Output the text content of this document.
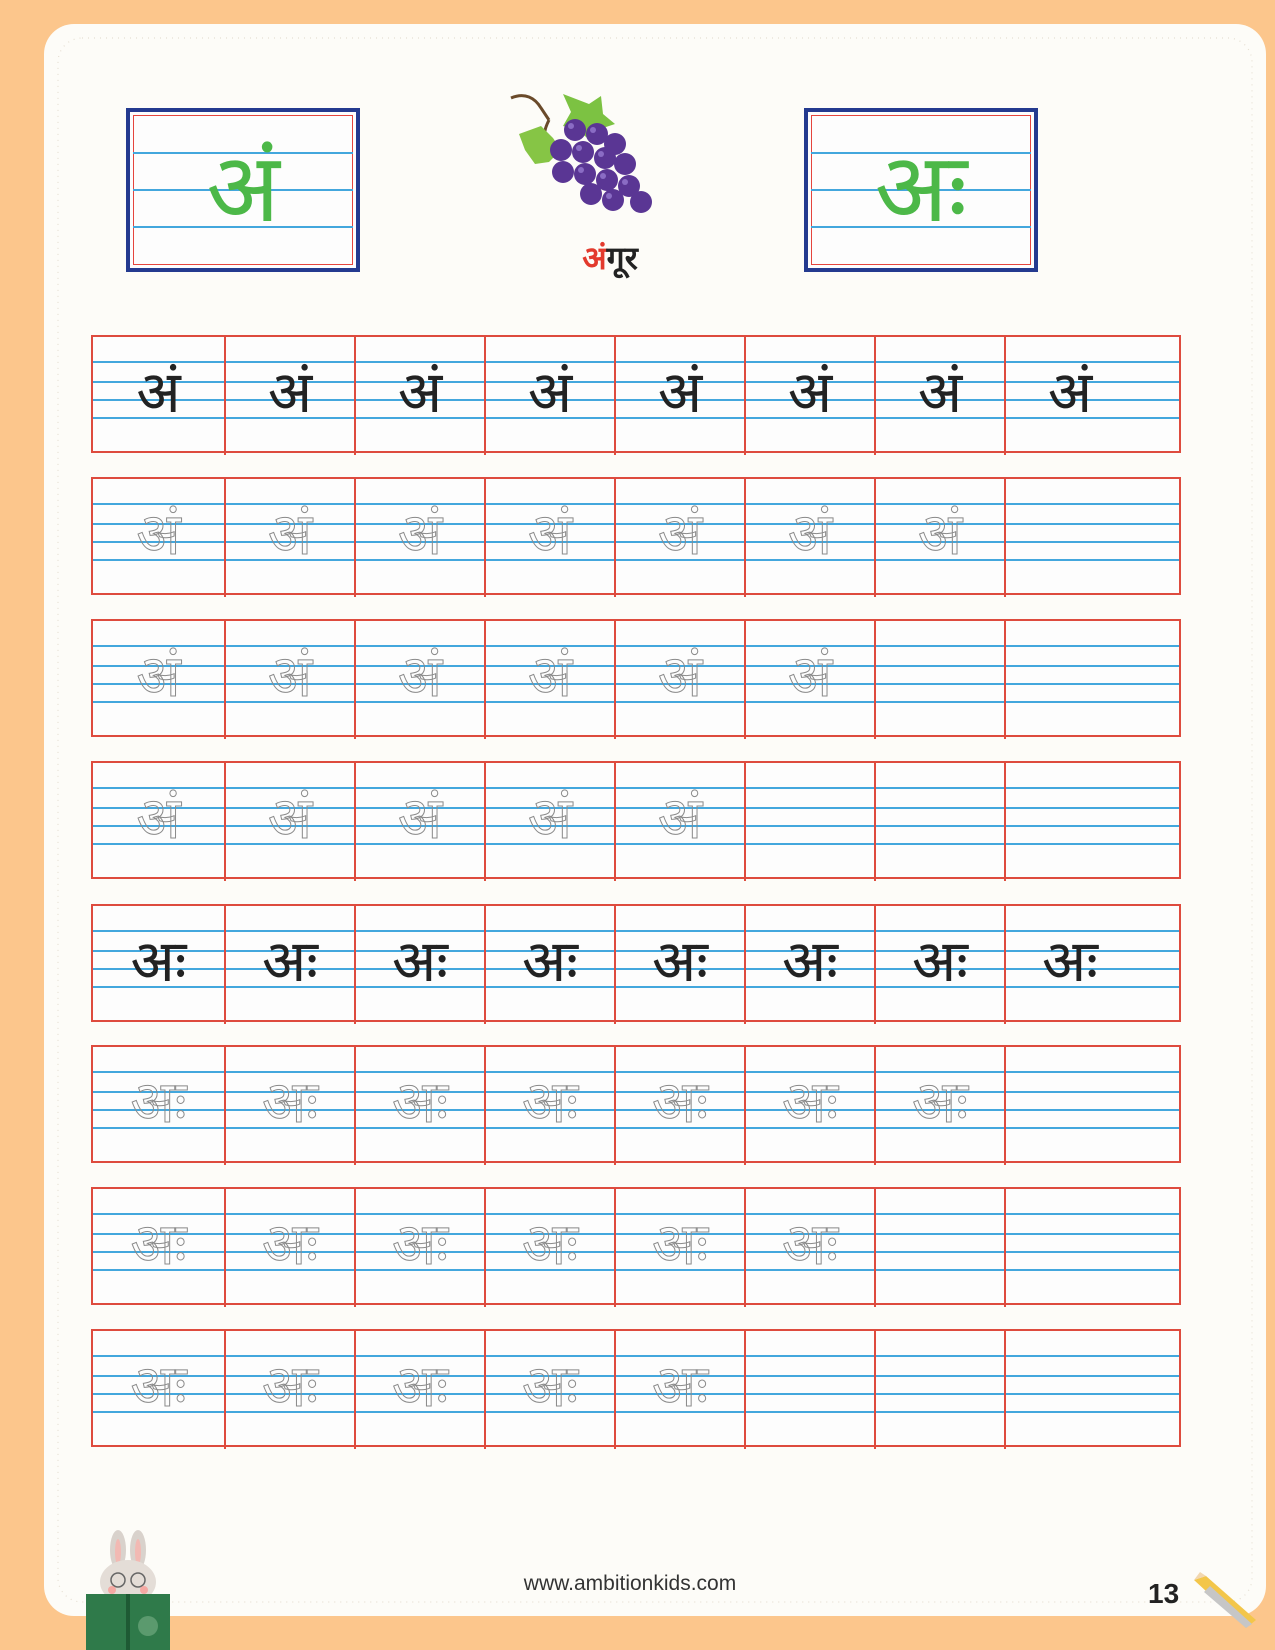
अं	अः
अंगूर
अं	अं	अं	अं	अं	अं	अं	अं
अं	अं	अं	अं	अं	अं	अं
अं	अं	अं	अं	अं	अं
अं	अं	अं	अं	अं
अः	अः	अः	अः	अः	अः	अः	अः
अः	अः	अः	अः	अः	अः	अः
अः	अः	अः	अः	अः	अः
अः	अः	अः	अः	अः
www.ambitionkids.com	13
